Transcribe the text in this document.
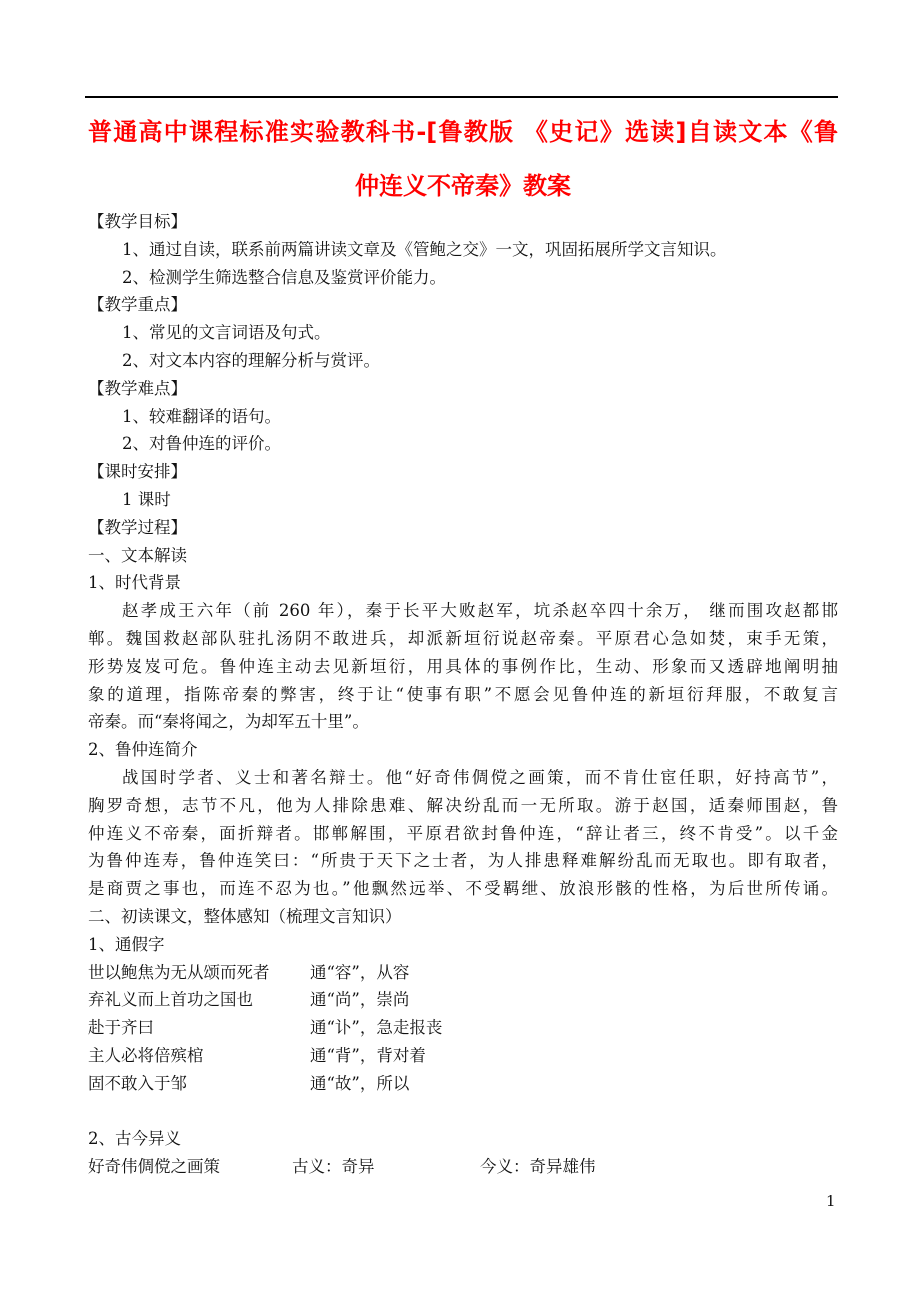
普通高中课程标准实验教科书-[鲁教版 《史记》选读]自读文本《鲁
仲连义不帝秦》教案
【教学目标】
1、通过自读，联系前两篇讲读文章及《管鲍之交》一文，巩固拓展所学文言知识。
2、检测学生筛选整合信息及鉴赏评价能力。
【教学重点】
1、常见的文言词语及句式。
2、对文本内容的理解分析与赏评。
【教学难点】
1、较难翻译的语句。
2、对鲁仲连的评价。
【课时安排】
1 课时
【教学过程】
一、文本解读
1、时代背景
赵孝成王六年（前 260 年），秦于长平大败赵军，坑杀赵卒四十余万， 继而围攻赵都邯
郸。魏国救赵部队驻扎汤阴不敢进兵，却派新垣衍说赵帝秦。平原君心急如焚，束手无策，
形势岌岌可危。鲁仲连主动去见新垣衍，用具体的事例作比，生动、形象而又透辟地阐明抽
象的道理，指陈帝秦的弊害，终于让“使事有职”不愿会见鲁仲连的新垣衍拜服，不敢复言
帝秦。而“秦将闻之，为却军五十里”。
2、鲁仲连简介
战国时学者、义士和著名辩士。他“好奇伟倜傥之画策，而不肯仕宦任职，好持高节”，
胸罗奇想，志节不凡，他为人排除患难、解决纷乱而一无所取。游于赵国，适秦师围赵，鲁
仲连义不帝秦，面折辩者。邯郸解围，平原君欲封鲁仲连，“辞让者三，终不肯受”。以千金
为鲁仲连寿，鲁仲连笑曰：“所贵于天下之士者，为人排患释难解纷乱而无取也。即有取者，
是商贾之事也，而连不忍为也。”他飘然远举、不受羁绁、放浪形骸的性格，为后世所传诵。
二、初读课文，整体感知（梳理文言知识）
1、通假字
世以鲍焦为无从颂而死者	通“容”，从容
弃礼义而上首功之国也	通“尚”，崇尚
赴于齐曰	通“讣”，急走报丧
主人必将倍殡棺	通“背”，背对着
固不敢入于邹	通“故”，所以
2、古今异义
好奇伟倜傥之画策	古义：奇异	今义：奇异雄伟
1
